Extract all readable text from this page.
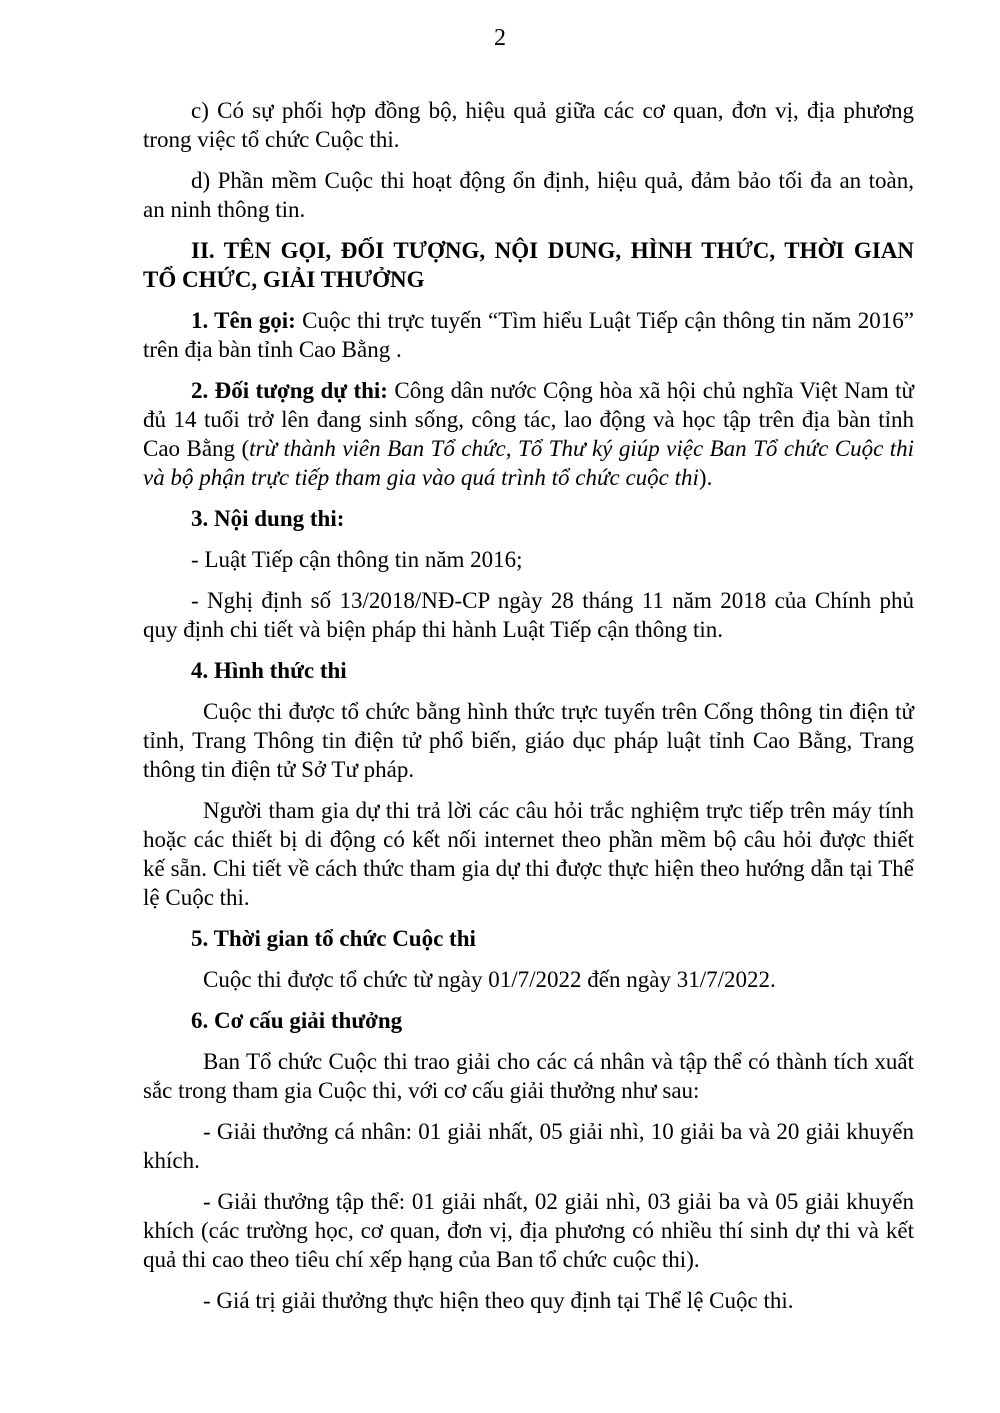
2

c) Có sự phối hợp đồng bộ, hiệu quả giữa các cơ quan, đơn vị, địa phương trong việc tổ chức Cuộc thi.

d) Phần mềm Cuộc thi hoạt động ổn định, hiệu quả, đảm bảo tối đa an toàn, an ninh thông tin.

II. TÊN GỌI, ĐỐI TƯỢNG, NỘI DUNG, HÌNH THỨC, THỜI GIAN TỔ CHỨC, GIẢI THƯỞNG

1. Tên gọi: Cuộc thi trực tuyến “Tìm hiểu Luật Tiếp cận thông tin năm 2016” trên địa bàn tỉnh Cao Bằng .

2. Đối tượng dự thi: Công dân nước Cộng hòa xã hội chủ nghĩa Việt Nam từ đủ 14 tuổi trở lên đang sinh sống, công tác, lao động và học tập trên địa bàn tỉnh Cao Bằng (trừ thành viên Ban Tổ chức, Tổ Thư ký giúp việc Ban Tổ chức Cuộc thi và bộ phận trực tiếp tham gia vào quá trình tổ chức cuộc thi).

3. Nội dung thi:

- Luật Tiếp cận thông tin năm 2016;

- Nghị định số 13/2018/NĐ-CP ngày 28 tháng 11 năm 2018 của Chính phủ quy định chi tiết và biện pháp thi hành Luật Tiếp cận thông tin.

4. Hình thức thi

Cuộc thi được tổ chức bằng hình thức trực tuyến trên Cổng thông tin điện tử tỉnh, Trang Thông tin điện tử phổ biến, giáo dục pháp luật tỉnh Cao Bằng, Trang thông tin điện tử Sở Tư pháp.

Người tham gia dự thi trả lời các câu hỏi trắc nghiệm trực tiếp trên máy tính hoặc các thiết bị di động có kết nối internet theo phần mềm bộ câu hỏi được thiết kế sẵn. Chi tiết về cách thức tham gia dự thi được thực hiện theo hướng dẫn tại Thể lệ Cuộc thi.

5. Thời gian tổ chức Cuộc thi

Cuộc thi được tổ chức từ ngày 01/7/2022 đến ngày 31/7/2022.

6. Cơ cấu giải thưởng

Ban Tổ chức Cuộc thi trao giải cho các cá nhân và tập thể có thành tích xuất sắc trong tham gia Cuộc thi, với cơ cấu giải thưởng như sau:

- Giải thưởng cá nhân: 01 giải nhất, 05 giải nhì, 10 giải ba và 20 giải khuyến khích.

- Giải thưởng tập thể: 01 giải nhất, 02 giải nhì, 03 giải ba và 05 giải khuyến khích (các trường học, cơ quan, đơn vị, địa phương có nhiều thí sinh dự thi và kết quả thi cao theo tiêu chí xếp hạng của Ban tổ chức cuộc thi).

- Giá trị giải thưởng thực hiện theo quy định tại Thể lệ Cuộc thi.
